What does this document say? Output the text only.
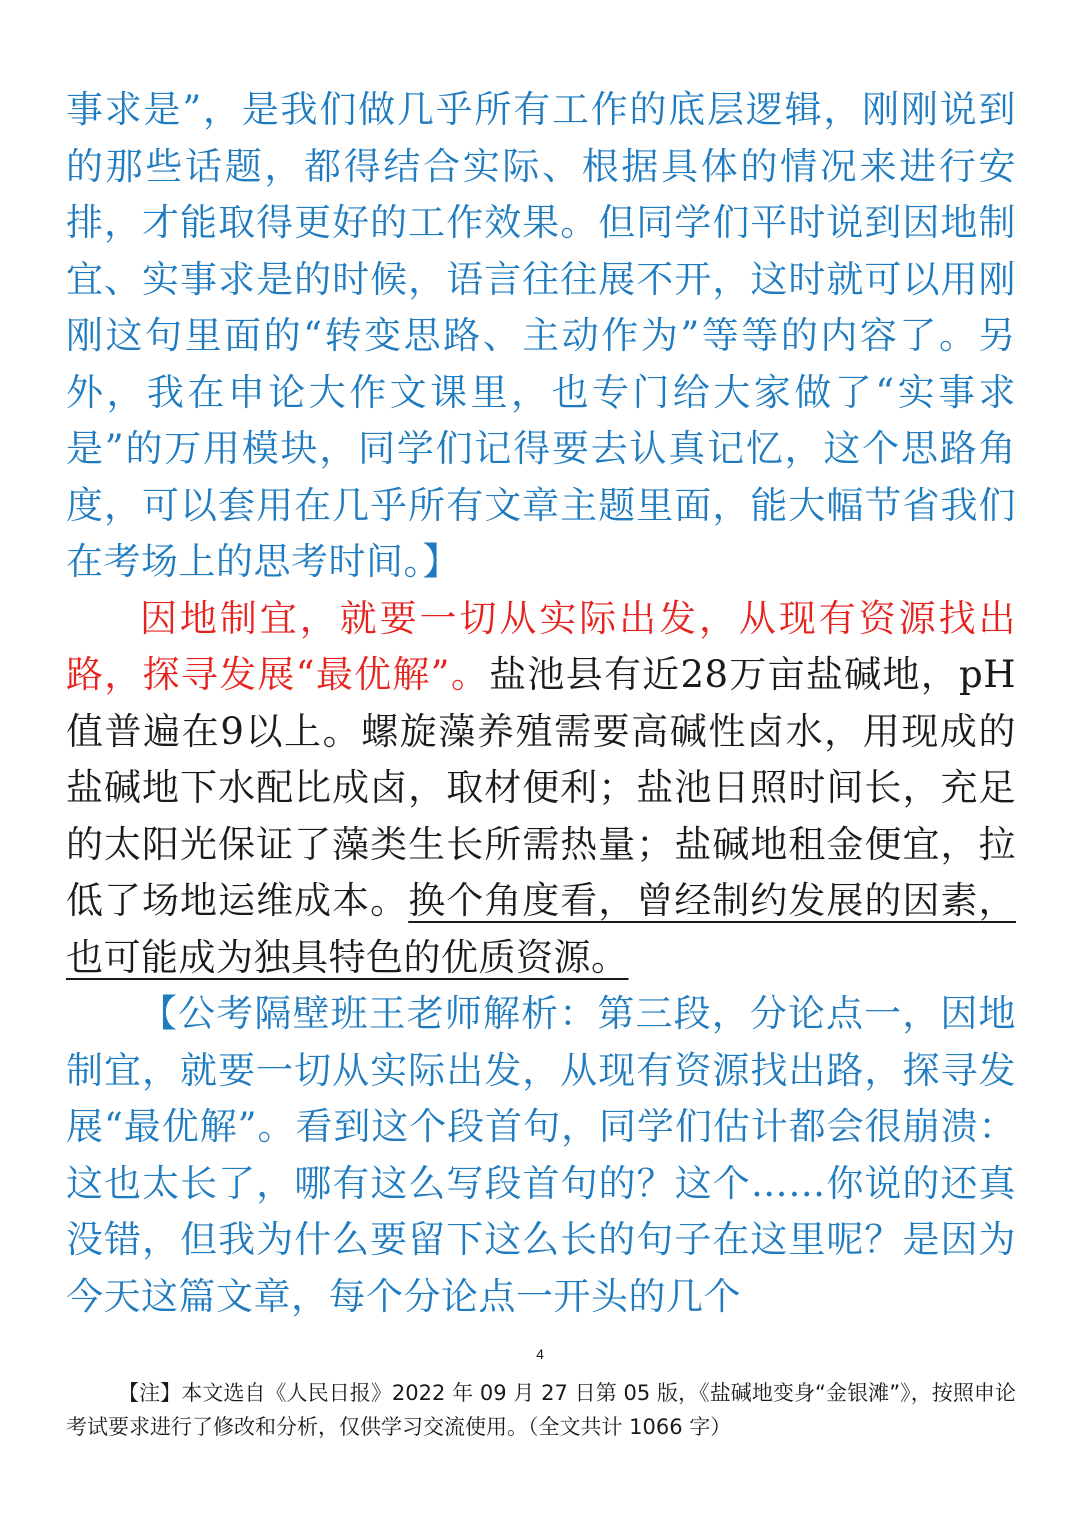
事求是”，是我们做几乎所有工作的底层逻辑，刚刚说到的那些话题，都得结合实际、根据具体的情况来进行安排，才能取得更好的工作效果。但同学们平时说到因地制宜、实事求是的时候，语言往往展不开，这时就可以用刚刚这句里面的“转变思路、主动作为”等等的内容了。另外，我在申论大作文课里，也专门给大家做了“实事求是”的万用模块，同学们记得要去认真记忆，这个思路角度，可以套用在几乎所有文章主题里面，能大幅节省我们在考场上的思考时间。】

因地制宜，就要一切从实际出发，从现有资源找出路，探寻发展“最优解”。盐池县有近28万亩盐碱地，pH值普遍在9以上。螺旋藻养殖需要高碱性卤水，用现成的盐碱地下水配比成卤，取材便利；盐池日照时间长，充足的太阳光保证了藻类生长所需热量；盐碱地租金便宜，拉低了场地运维成本。换个角度看，曾经制约发展的因素，也可能成为独具特色的优质资源。

【公考隔壁班王老师解析：第三段，分论点一，因地制宜，就要一切从实际出发，从现有资源找出路，探寻发展“最优解”。看到这个段首句，同学们估计都会很崩溃：这也太长了，哪有这么写段首句的？这个……你说的还真没错，但我为什么要留下这么长的句子在这里呢？是因为今天这篇文章，每个分论点一开头的几个

4
【注】本文选自《人民日报》2022 年 09 月 27 日第 05 版，《盐碱地变身“金银滩”》，按照申论考试要求进行了修改和分析，仅供学习交流使用。（全文共计 1066 字）
